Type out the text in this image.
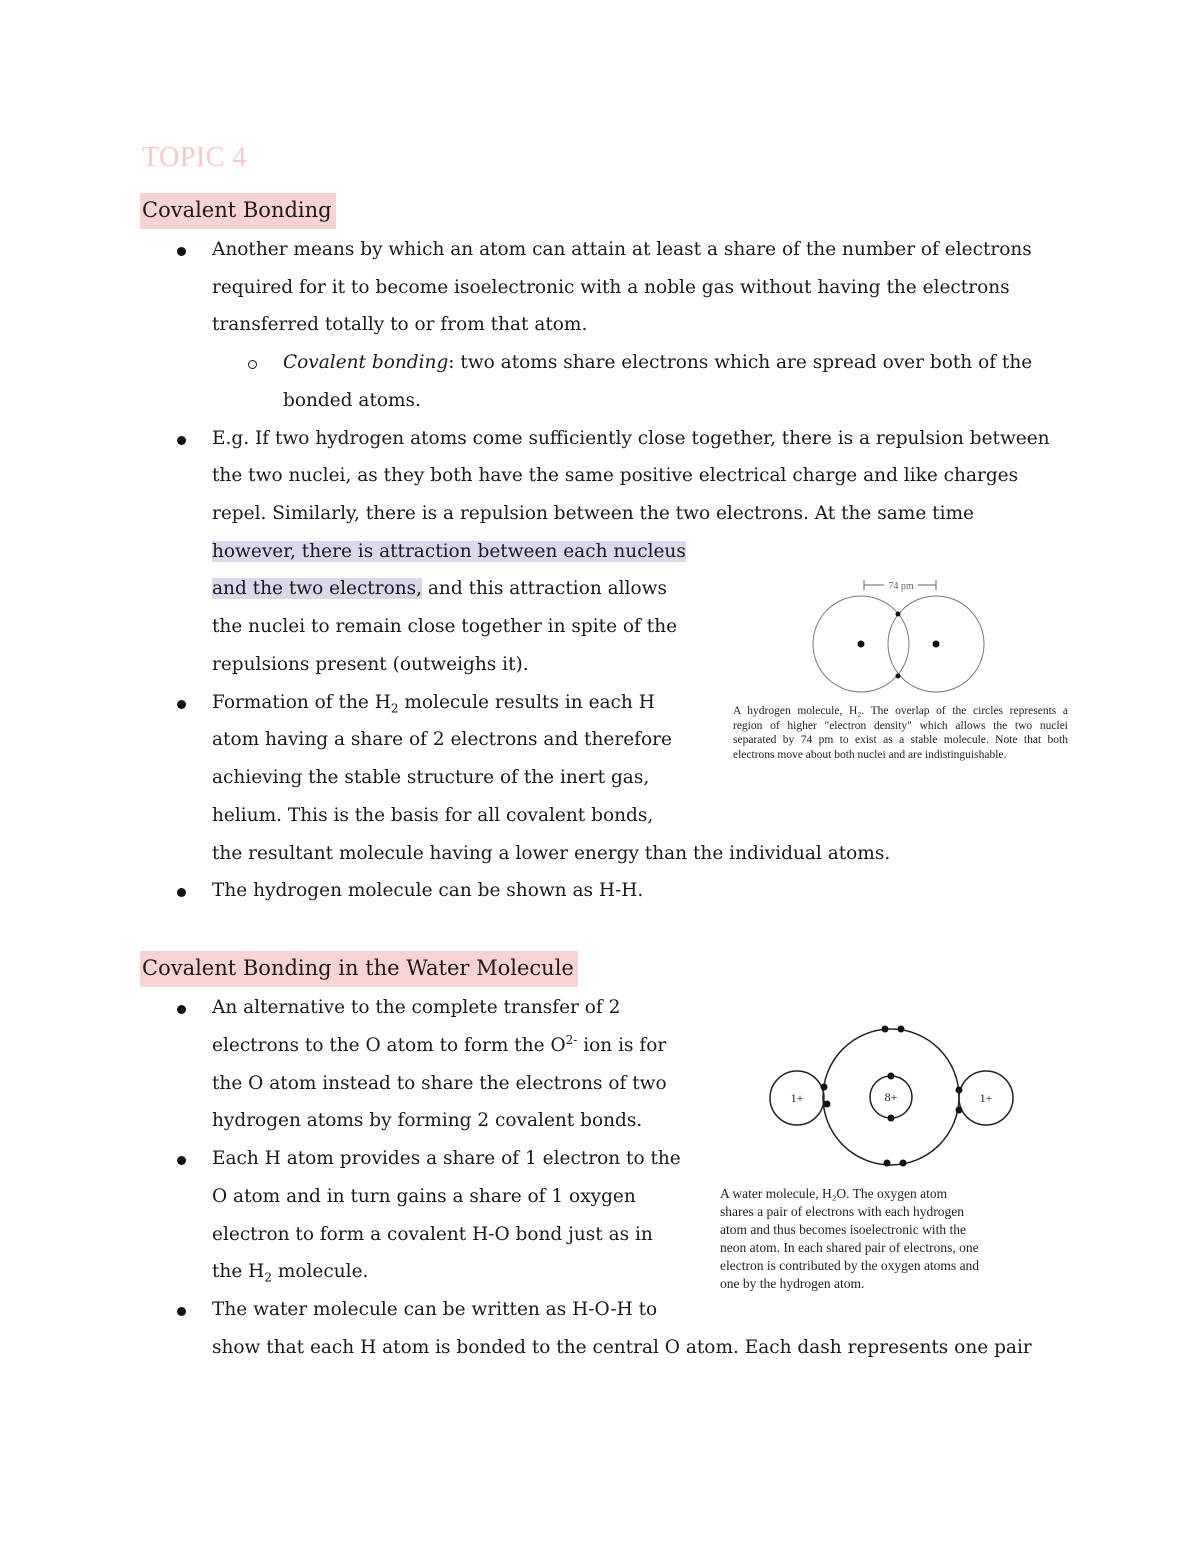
TOPIC 4
Covalent Bonding
Another means by which an atom can attain at least a share of the number of electrons
required for it to become isoelectronic with a noble gas without having the electrons
transferred totally to or from that atom.
Covalent bonding: two atoms share electrons which are spread over both of the
bonded atoms.
E.g. If two hydrogen atoms come sufficiently close together, there is a repulsion between
the two nuclei, as they both have the same positive electrical charge and like charges
repel. Similarly, there is a repulsion between the two electrons. At the same time
however, there is attraction between each nucleus
and the two electrons, and this attraction allows
the nuclei to remain close together in spite of the
repulsions present (outweighs it).
Formation of the $H_2$ molecule results in each H
atom having a share of 2 electrons and therefore
achieving the stable structure of the inert gas,
helium. This is the basis for all covalent bonds,
the resultant molecule having a lower energy than the individual atoms.
The hydrogen molecule can be shown as H-H.
74 pm
A hydrogen molecule, H₂. The overlap of the circles represents a
region of higher "electron density" which allows the two nuclei
separated by 74 pm to exist as a stable molecule. Note that both
electrons move about both nuclei and are indistinguishable.
Covalent Bonding in the Water Molecule
An alternative to the complete transfer of 2
electrons to the O atom to form the $O^{2-}$ ion is for
the O atom instead to share the electrons of two
hydrogen atoms by forming 2 covalent bonds.
Each H atom provides a share of 1 electron to the
O atom and in turn gains a share of 1 oxygen
electron to form a covalent H-O bond just as in
the $H_2$ molecule.
The water molecule can be written as H-O-H to
show that each H atom is bonded to the central O atom. Each dash represents one pair
1+	8+	1+
A water molecule, H₂O. The oxygen atom
shares a pair of electrons with each hydrogen
atom and thus becomes isoelectronic with the
neon atom. In each shared pair of electrons, one
electron is contributed by the oxygen atoms and
one by the hydrogen atom.
